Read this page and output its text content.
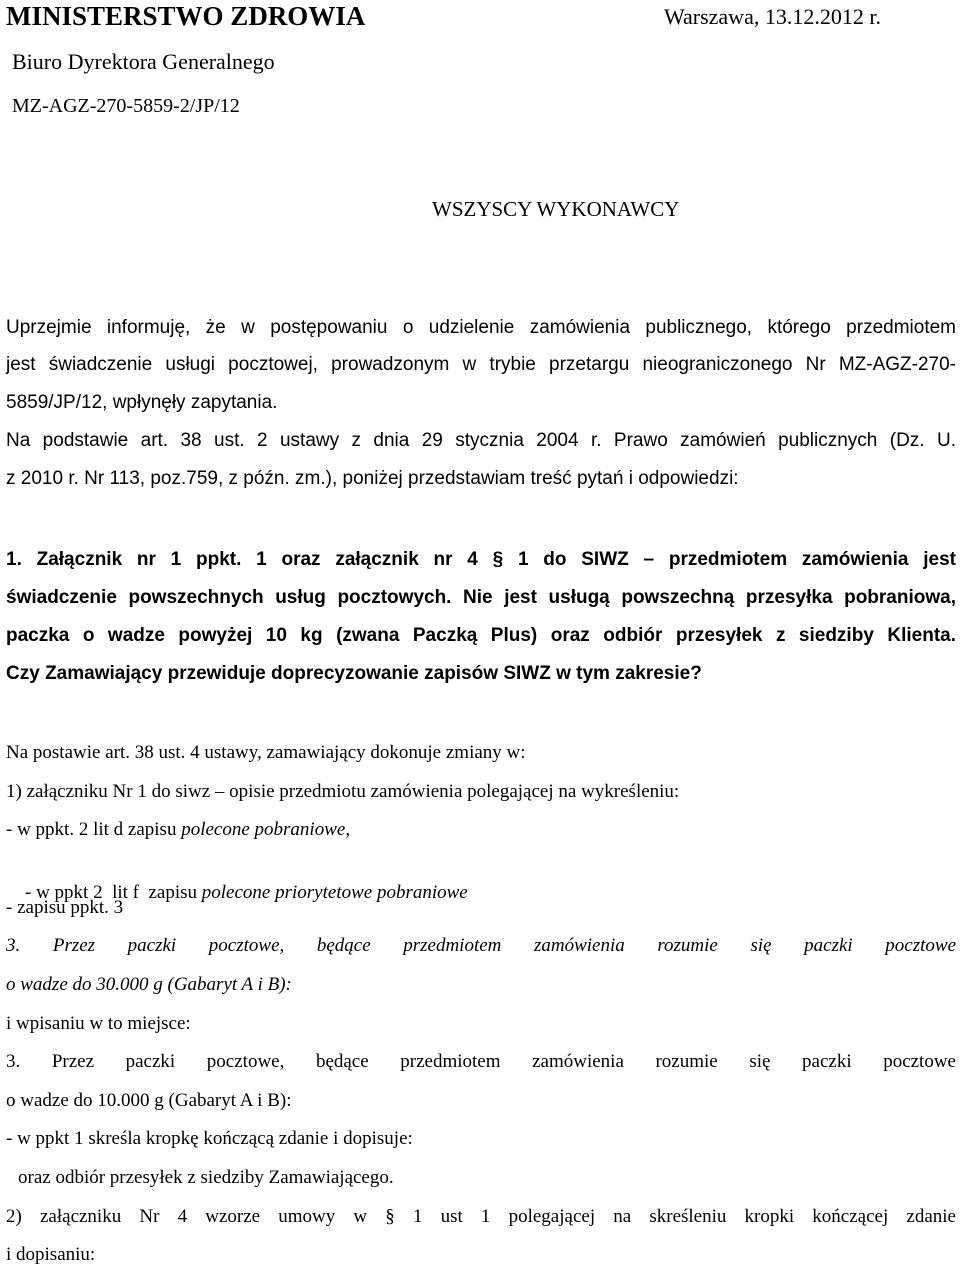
MINISTERSTWO ZDROWIA	Warszawa, 13.12.2012 r.
Biuro Dyrektora Generalnego
MZ-AGZ-270-5859-2/JP/12
WSZYSCY WYKONAWCY
Uprzejmie informuję, że w postępowaniu o udzielenie zamówienia publicznego, którego przedmiotem
jest świadczenie usługi pocztowej, prowadzonym w trybie przetargu nieograniczonego Nr MZ-AGZ-270-
5859/JP/12, wpłynęły zapytania.
Na podstawie art. 38 ust. 2 ustawy z dnia 29 stycznia 2004 r. Prawo zamówień publicznych (Dz. U.
z 2010 r. Nr 113, poz.759, z późn. zm.), poniżej przedstawiam treść pytań i odpowiedzi:
1. Załącznik nr 1 ppkt. 1 oraz załącznik nr 4 § 1 do SIWZ – przedmiotem zamówienia jest
świadczenie powszechnych usług pocztowych. Nie jest usługą powszechną przesyłka pobraniowa,
paczka o wadze powyżej 10 kg (zwana Paczką Plus) oraz odbiór przesyłek z siedziby Klienta.
Czy Zamawiający przewiduje doprecyzowanie zapisów SIWZ w tym zakresie?
Na postawie art. 38 ust. 4 ustawy, zamawiający dokonuje zmiany w:
1) załączniku Nr 1 do siwz – opisie przedmiotu zamówienia polegającej na wykreśleniu:
- w ppkt. 2 lit d zapisu polecone pobraniowe,

- w ppkt 2  lit f  zapisu polecone priorytetowe pobraniowe

- zapisu ppkt. 3
3. Przez paczki pocztowe, będące przedmiotem zamówienia rozumie się paczki pocztowe
o wadze do 30.000 g (Gabaryt A i B):
i wpisaniu w to miejsce:
3. Przez paczki pocztowe, będące przedmiotem zamówienia rozumie się paczki pocztowe
o wadze do 10.000 g (Gabaryt A i B):
- w ppkt 1 skreśla kropkę kończącą zdanie i dopisuje:
oraz odbiór przesyłek z siedziby Zamawiającego.
2) załączniku Nr 4 wzorze umowy w § 1 ust 1 polegającej na skreśleniu kropki kończącej zdanie
i dopisaniu:
